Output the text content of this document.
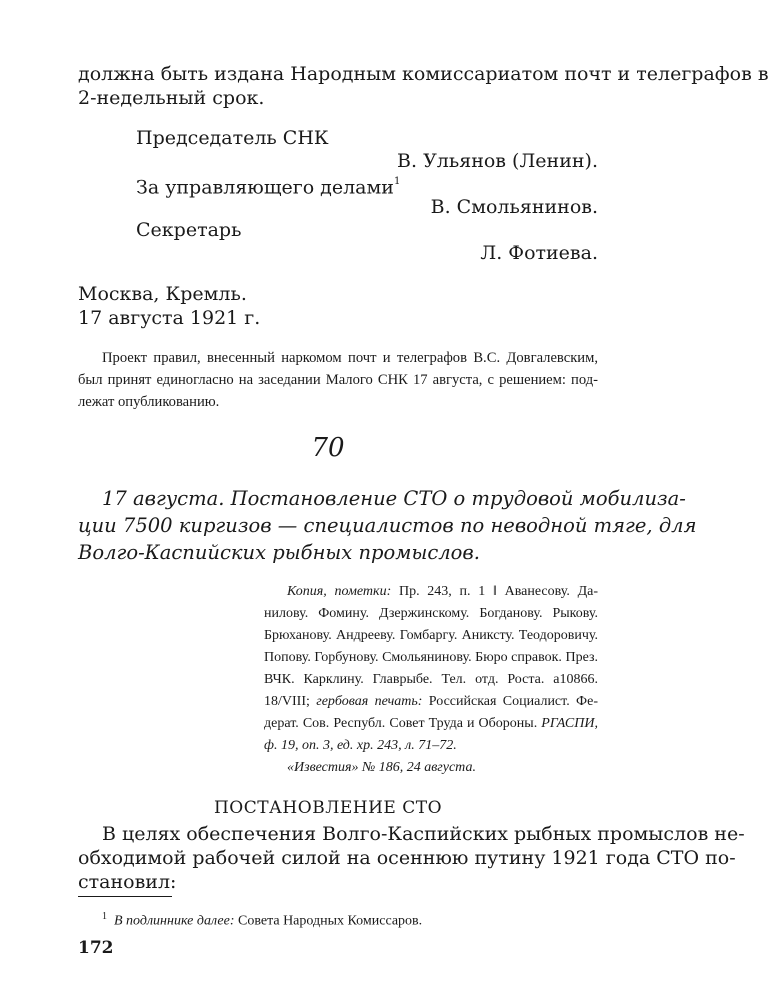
должна быть издана Народным комиссариатом почт и телеграфов в
2-недельный срок.
Председатель СНК
В. Ульянов (Ленин).
За управляющего делами$^1$
В. Смольянинов.
Секретарь
Л. Фотиева.
Москва, Кремль.
17 августа 1921 г.
Проект правил, внесенный наркомом почт и телеграфов В.С. Довгалевским,
был принят единогласно на заседании Малого СНК 17 августа, с решением: под-
лежат опубликованию.
70
17 августа. Постановление СТО о трудовой мобилиза-
ции 7500 киргизов — специалистов по неводной тяге, для
Волго-Каспийских рыбных промыслов.
Копия, пометки: Пр. 243, п. 1 ‖ Аванесову. Да-
нилову. Фомину. Дзержинскому. Богданову. Рыкову.
Брюханову. Андрееву. Гомбаргу. Аниксту. Теодоровичу.
Попову. Горбунову. Смольянинову. Бюро справок. През.
ВЧК. Карклину. Главрыбе. Тел. отд. Роста. а10866.
18/VIII; гербовая печать: Российская Социалист. Фе-
дерат. Сов. Республ. Совет Труда и Обороны. РГАСПИ,
ф. 19, оп. 3, ед. хр. 243, л. 71–72.
«Известия» № 186, 24 августа.
ПОСТАНОВЛЕНИЕ СТО
В целях обеспечения Волго-Каспийских рыбных промыслов не-
обходимой рабочей силой на осеннюю путину 1921 года СТО по-
становил:
$^1$ В подлиннике далее: Совета Народных Комиссаров.
172
